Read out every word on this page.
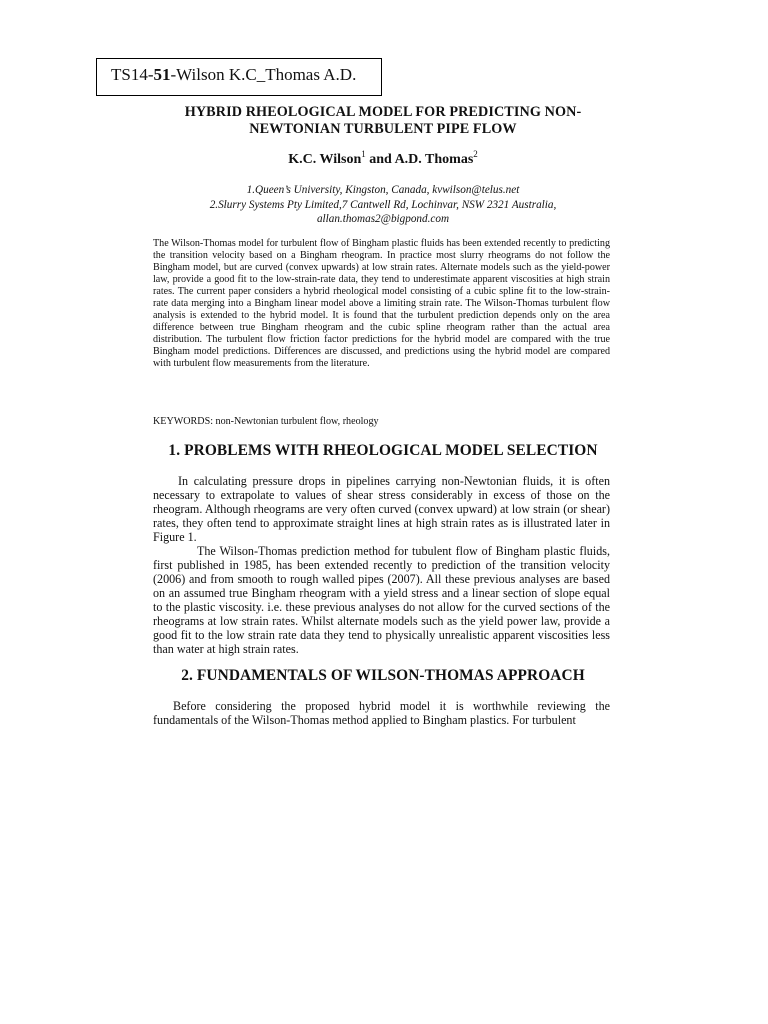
TS14-51-Wilson K.C_Thomas A.D.
HYBRID RHEOLOGICAL MODEL FOR PREDICTING NON-NEWTONIAN TURBULENT PIPE FLOW
K.C. Wilson$^1$ and A.D. Thomas$^2$
1.Queen’s University, Kingston, Canada, kvwilson@telus.net
2.Slurry Systems Pty Limited,7 Cantwell Rd, Lochinvar, NSW 2321 Australia,
allan.thomas2@bigpond.com

The Wilson-Thomas model for turbulent flow of Bingham plastic fluids has been extended recently to predicting the transition velocity based on a Bingham rheogram. In practice most slurry rheograms do not follow the Bingham model, but are curved (convex upwards) at low strain rates. Alternate models such as the yield-power law, provide a good fit to the low-strain-rate data, they tend to underestimate apparent viscosities at high strain rates. The current paper considers a hybrid rheological model consisting of a cubic spline fit to the low-strain-rate data merging into a Bingham linear model above a limiting strain rate. The Wilson-Thomas turbulent flow analysis is extended to the hybrid model. It is found that the turbulent prediction depends only on the area difference between true Bingham rheogram and the cubic spline rheogram rather than the actual area distribution. The turbulent flow friction factor predictions for the hybrid model are compared with the true Bingham model predictions. Differences are discussed, and predictions using the hybrid model are compared with turbulent flow measurements from the literature.

KEYWORDS: non-Newtonian turbulent flow, rheology
1. PROBLEMS WITH RHEOLOGICAL MODEL SELECTION

In calculating pressure drops in pipelines carrying non-Newtonian fluids, it is often necessary to extrapolate to values of shear stress considerably in excess of those on the rheogram. Although rheograms are very often curved (convex upward) at low strain (or shear) rates, they often tend to approximate straight lines at high strain rates as is illustrated later in Figure 1.

The Wilson-Thomas prediction method for tubulent flow of Bingham plastic fluids, first published in 1985, has been extended recently to prediction of the transition velocity (2006) and from smooth to rough walled pipes (2007). All these previous analyses are based on an assumed true Bingham rheogram with a yield stress and a linear section of slope equal to the plastic viscosity. i.e. these previous analyses do not allow for the curved sections of the rheograms at low strain rates. Whilst alternate models such as the yield power law, provide a good fit to the low strain rate data they tend to physically unrealistic apparent viscosities less than water at high strain rates.

2. FUNDAMENTALS OF WILSON-THOMAS APPROACH

Before considering the proposed hybrid model it is worthwhile reviewing the fundamentals of the Wilson-Thomas method applied to Bingham plastics. For turbulent
